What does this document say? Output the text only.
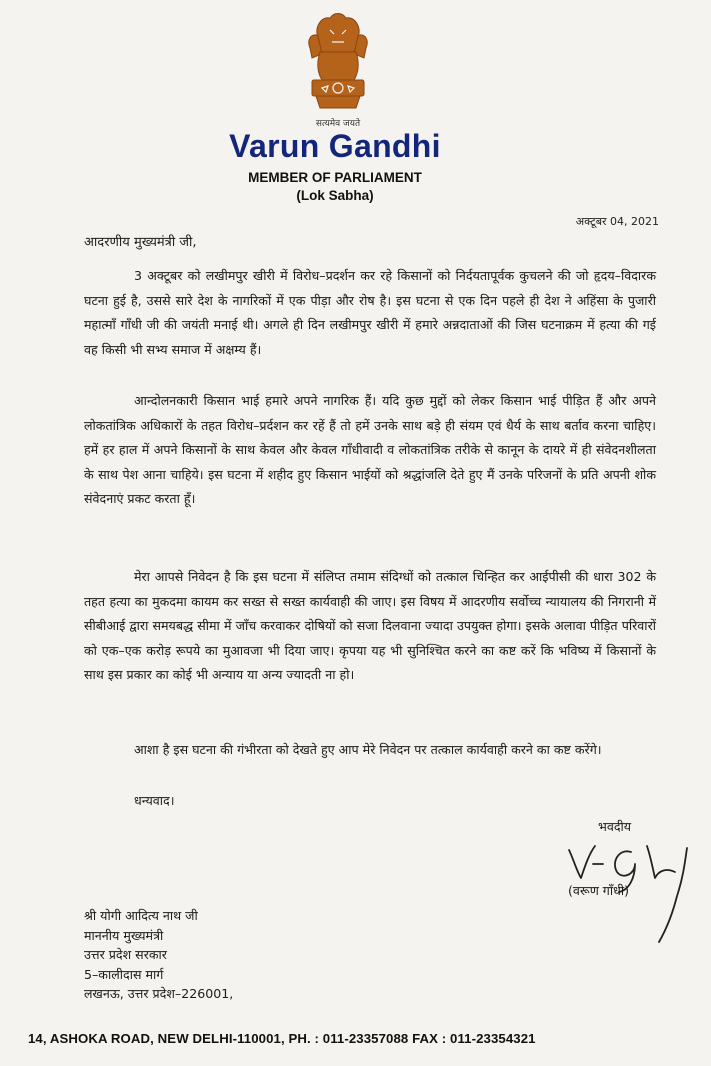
सत्यमेव जयते
Varun Gandhi
MEMBER OF PARLIAMENT
(Lok Sabha)
अक्टूबर 04, 2021
आदरणीय मुख्यमंत्री जी,

3 अक्टूबर को लखीमपुर खीरी में विरोध–प्रदर्शन कर रहे किसानों को निर्दयतापूर्वक कुचलने की जो हृदय–विदारक घटना हुई है, उससे सारे देश के नागरिकों में एक पीड़ा और रोष है। इस घटना से एक दिन पहले ही देश ने अहिंसा के पुजारी महात्माँ गाँधी जी की जयंती मनाई थी। अगले ही दिन लखीमपुर खीरी में हमारे अन्नदाताओं की जिस घटनाक्रम में हत्या की गई वह किसी भी सभ्य समाज में अक्षम्य हैं।

आन्दोलनकारी किसान भाई हमारे अपने नागरिक हैं। यदि कुछ मुद्दों को लेकर किसान भाई पीड़ित हैं और अपने लोकतांत्रिक अधिकारों के तहत विरोध–प्रर्दशन कर रहें हैं तो हमें उनके साथ बड़े ही संयम एवं धैर्य के साथ बर्ताव करना चाहिए। हमें हर हाल में अपने किसानों के साथ केवल और केवल गाँधीवादी व लोकतांत्रिक तरीके से कानून के दायरे में ही संवेदनशीलता के साथ पेश आना चाहिये। इस घटना में शहीद हुए किसान भाईयों को श्रद्धांजलि देते हुए मैं उनके परिजनों के प्रति अपनी शोक संवेदनाएं प्रकट करता हूँ।

मेरा आपसे निवेदन है कि इस घटना में संलिप्त तमाम संदिग्धों को तत्काल चिन्हित कर आईपीसी की धारा 302 के तहत हत्या का मुकदमा कायम कर सख्त से सख्त कार्यवाही की जाए। इस विषय में आदरणीय सर्वोच्च न्यायालय की निगरानी में सीबीआई द्वारा समयबद्ध सीमा में जाँच करवाकर दोषियों को सजा दिलवाना ज्यादा उपयुक्त होगा। इसके अलावा पीड़ित परिवारों को एक–एक करोड़ रूपये का मुआवजा भी दिया जाए। कृपया यह भी सुनिश्चित करने का कष्ट करें कि भविष्य में किसानों के साथ इस प्रकार का कोई भी अन्याय या अन्य ज्यादती ना हो।

आशा है इस घटना की गंभीरता को देखते हुए आप मेरे निवेदन पर तत्काल कार्यवाही करने का कष्ट करेंगे।

धन्यवाद।
भवदीय
(वरूण गाँधी)
श्री योगी आदित्य नाथ जी
माननीय मुख्यमंत्री
उत्तर प्रदेश सरकार
5–कालीदास मार्ग
लखनऊ, उत्तर प्रदेश–226001,
14, ASHOKA ROAD, NEW DELHI-110001, PH. : 011-23357088 FAX : 011-23354321
